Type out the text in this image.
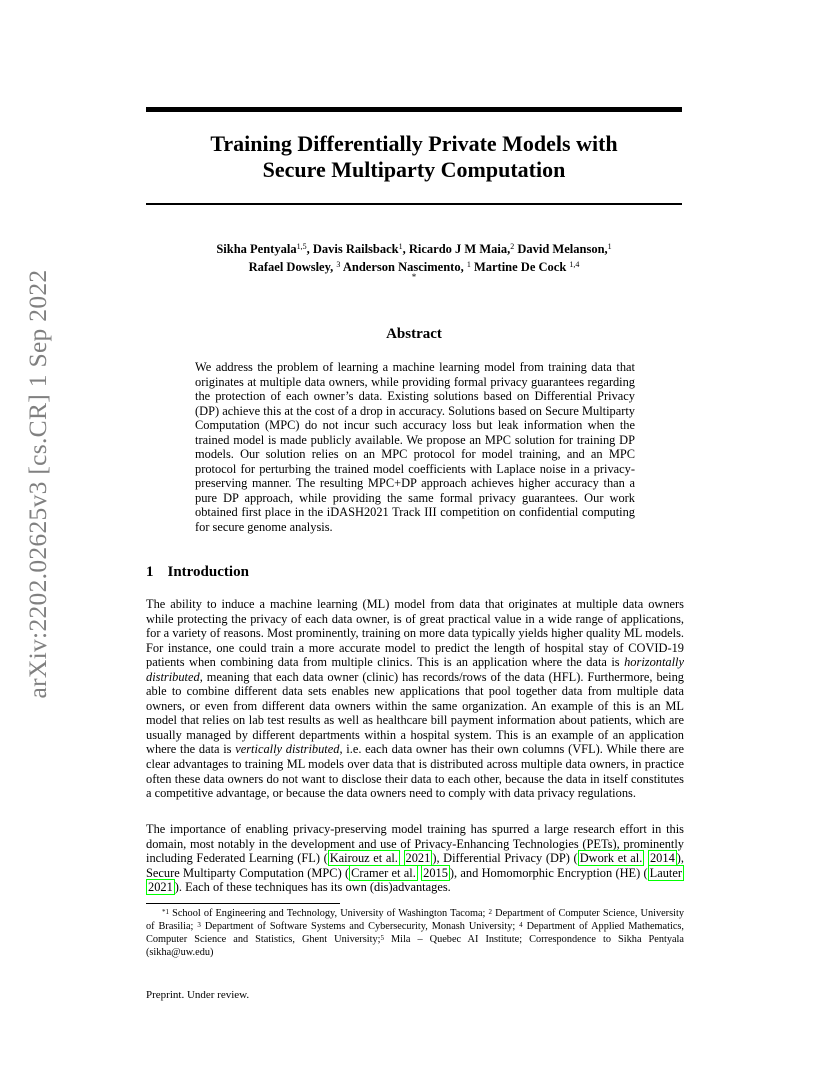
arXiv:2202.02625v3 [cs.CR] 1 Sep 2022
Training Differentially Private Models with
Secure Multiparty Computation
Sikha Pentyala$^{1,5}$, Davis Railsback$^1$, Ricardo J M Maia,$^2$ David Melanson,$^1$
Rafael Dowsley, $^3$ Anderson Nascimento, $^1$ Martine De Cock $^{1,4}$
*
Abstract
We address the problem of learning a machine learning model from training data that originates at multiple data owners, while providing formal privacy guarantees regarding the protection of each owner’s data. Existing solutions based on Differential Privacy (DP) achieve this at the cost of a drop in accuracy. Solutions based on Secure Multiparty Computation (MPC) do not incur such accuracy loss but leak information when the trained model is made publicly available. We propose an MPC solution for training DP models. Our solution relies on an MPC protocol for model training, and an MPC protocol for perturbing the trained model coefficients with Laplace noise in a privacy-preserving manner. The resulting MPC+DP approach achieves higher accuracy than a pure DP approach, while providing the same formal privacy guarantees. Our work obtained first place in the iDASH2021 Track III competition on confidential computing for secure genome analysis.
1 Introduction
The ability to induce a machine learning (ML) model from data that originates at multiple data owners while protecting the privacy of each data owner, is of great practical value in a wide range of applications, for a variety of reasons. Most prominently, training on more data typically yields higher quality ML models. For instance, one could train a more accurate model to predict the length of hospital stay of COVID-19 patients when combining data from multiple clinics. This is an application where the data is horizontally distributed, meaning that each data owner (clinic) has records/rows of the data (HFL). Furthermore, being able to combine different data sets enables new applications that pool together data from multiple data owners, or even from different data owners within the same organization. An example of this is an ML model that relies on lab test results as well as healthcare bill payment information about patients, which are usually managed by different departments within a hospital system. This is an example of an application where the data is vertically distributed, i.e. each data owner has their own columns (VFL). While there are clear advantages to training ML models over data that is distributed across multiple data owners, in practice often these data owners do not want to disclose their data to each other, because the data in itself constitutes a competitive advantage, or because the data owners need to comply with data privacy regulations.
The importance of enabling privacy-preserving model training has spurred a large research effort in this domain, most notably in the development and use of Privacy-Enhancing Technologies (PETs), prominently including Federated Learning (FL) ( Kairouz et al. 2021 ), Differential Privacy (DP) ( Dwork et al. 2014 ), Secure Multiparty Computation (MPC) ( Cramer et al. 2015 ), and Homomorphic Encryption (HE) ( Lauter 2021 ). Each of these techniques has its own (dis)advantages.
$^{*1}$ School of Engineering and Technology, University of Washington Tacoma; $^2$ Department of Computer Science, University of Brasilia; $^3$ Department of Software Systems and Cybersecurity, Monash University; $^4$ Department of Applied Mathematics, Computer Science and Statistics, Ghent University;$^5$ Mila – Quebec AI Institute; Correspondence to Sikha Pentyala (sikha@uw.edu)
Preprint. Under review.
